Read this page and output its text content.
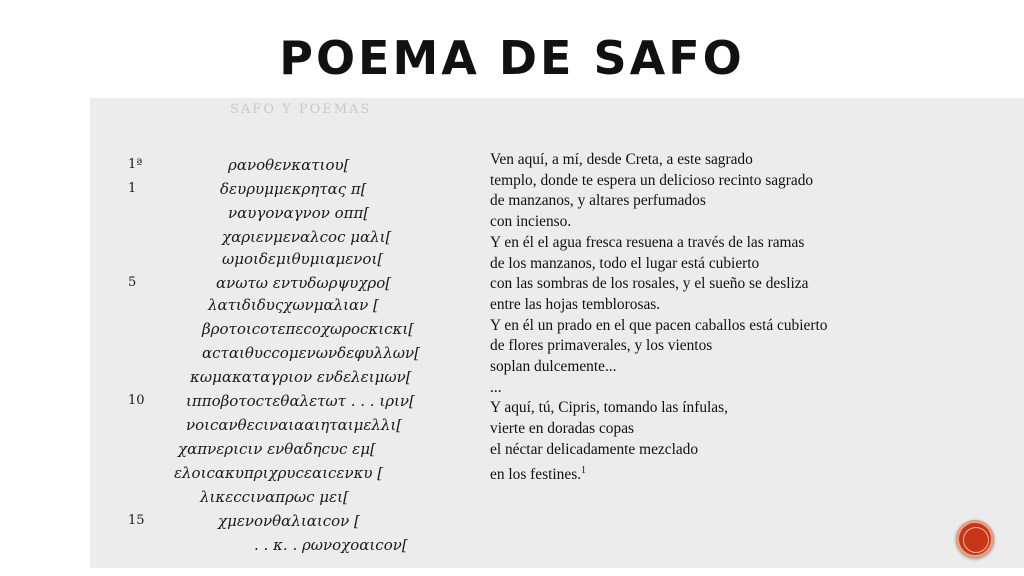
POEMA DE SAFO
SAFO Y POEMAS
1ª	ρανοθενκατιου[
1	δευρυμμεκρητας π[
ναυγοναγνον οππ[
χαριενμεναλcoc μαλι[
ωμοιδεμιθυμιαμενοι[
5	ανωτω εντυδωρψυχρο[
λατιδιδυςχωνμαλιαν [
βροτοιcοτεπεcοχωροcκιcκι[
αcταιθυccομενωνδεφυλλων[
κωμακαταγριον ενδελειμων[
10	ιπποβοτοcτεθαλετωτ . . . ιριν[
νοιcανθεcιναιααιηταιμελλι[
χαπνεριcιν ενθαδηcυc εμ[
ελοιcακυπριχρυcεαιcενκυ [
λικεccιναπρωc μει[
15	χμενονθαλιαιcον [
. . κ. . ρωνοχοαιcον[
Ven aquí, a mí, desde Creta, a este sagrado
templo, donde te espera un delicioso recinto sagrado
de manzanos, y altares perfumados
con incienso.
Y en él el agua fresca resuena a través de las ramas
de los manzanos, todo el lugar está cubierto
con las sombras de los rosales, y el sueño se desliza
entre las hojas temblorosas.
Y en él un prado en el que pacen caballos está cubierto
de flores primaverales, y los vientos
soplan dulcemente...
...
Y aquí, tú, Cipris, tomando las ínfulas,
vierte en doradas copas
el néctar delicadamente mezclado
en los festines.$^1$
